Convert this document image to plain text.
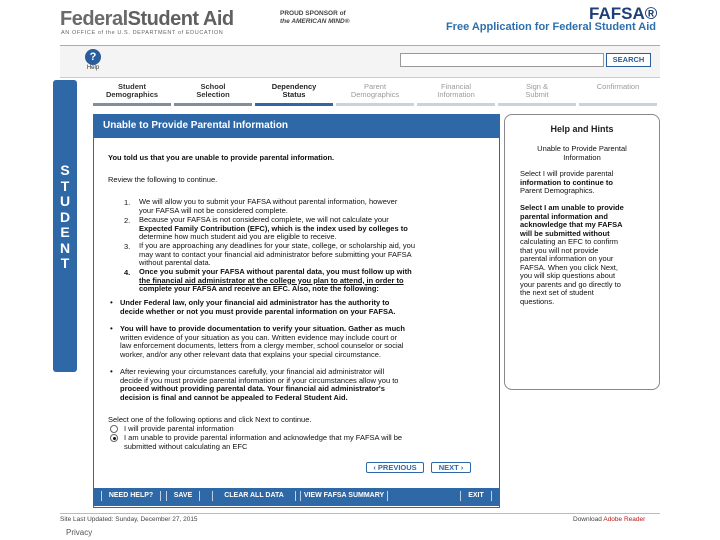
FederalStudent Aid
AN OFFICE of the U.S. DEPARTMENT of EDUCATION
PROUD SPONSOR of
the AMERICAN MIND®	FAFSA®
Free Application for Federal Student Aid
?
Help
SEARCH
S
T
U
D
E
N
T
Student
Demographics
School
Selection
Dependency
Status
Parent
Demographics
Financial
Information
Sign &
Submit
Confirmation
Unable to Provide Parental Information
You told us that you are unable to provide parental information.
Review the following to continue.
1. We will allow you to submit your FAFSA without parental information, however
your FAFSA will not be considered complete.
2. Because your FAFSA is not considered complete, we will not calculate your
Expected Family Contribution (EFC), which is the index used by colleges to
determine how much student aid you are eligible to receive.
3. If you are approaching any deadlines for your state, college, or scholarship aid, you
may want to contact your financial aid administrator before submitting your FAFSA
without parental data.
4. Once you submit your FAFSA without parental data, you must follow up with
the financial aid administrator at the college you plan to attend, in order to
complete your FAFSA and receive an EFC. Also, note the following:
• Under Federal law, only your financial aid administrator has the authority to
decide whether or not you must provide parental information on your FAFSA.
• You will have to provide documentation to verify your situation. Gather as much
written evidence of your situation as you can. Written evidence may include court or
law enforcement documents, letters from a clergy member, school counselor or social
worker, and/or any other relevant data that explains your special circumstance.
• After reviewing your circumstances carefully, your financial aid administrator will
decide if you must provide parental information or if your circumstances allow you to
proceed without providing parental data. Your financial aid administrator's
decision is final and cannot be appealed to Federal Student Aid.
Select one of the following options and click Next to continue.
I will provide parental information
I am unable to provide parental information and acknowledge that my FAFSA will be
submitted without calculating an EFC
‹ PREVIOUS	NEXT ›
NEED HELP?	SAVE	CLEAR ALL DATA	VIEW FAFSA SUMMARY	EXIT
Help and Hints
Unable to Provide Parental
Information
Select I will provide parental
information to continue to
Parent Demographics.
Select I am unable to provide
parental information and
acknowledge that my FAFSA
will be submitted without
calculating an EFC to confirm
that you will not provide
parental information on your
FAFSA. When you click Next,
you will skip questions about
your parents and go directly to
the next set of student
questions.
Site Last Updated: Sunday, December 27, 2015	Download Adobe Reader
Privacy
